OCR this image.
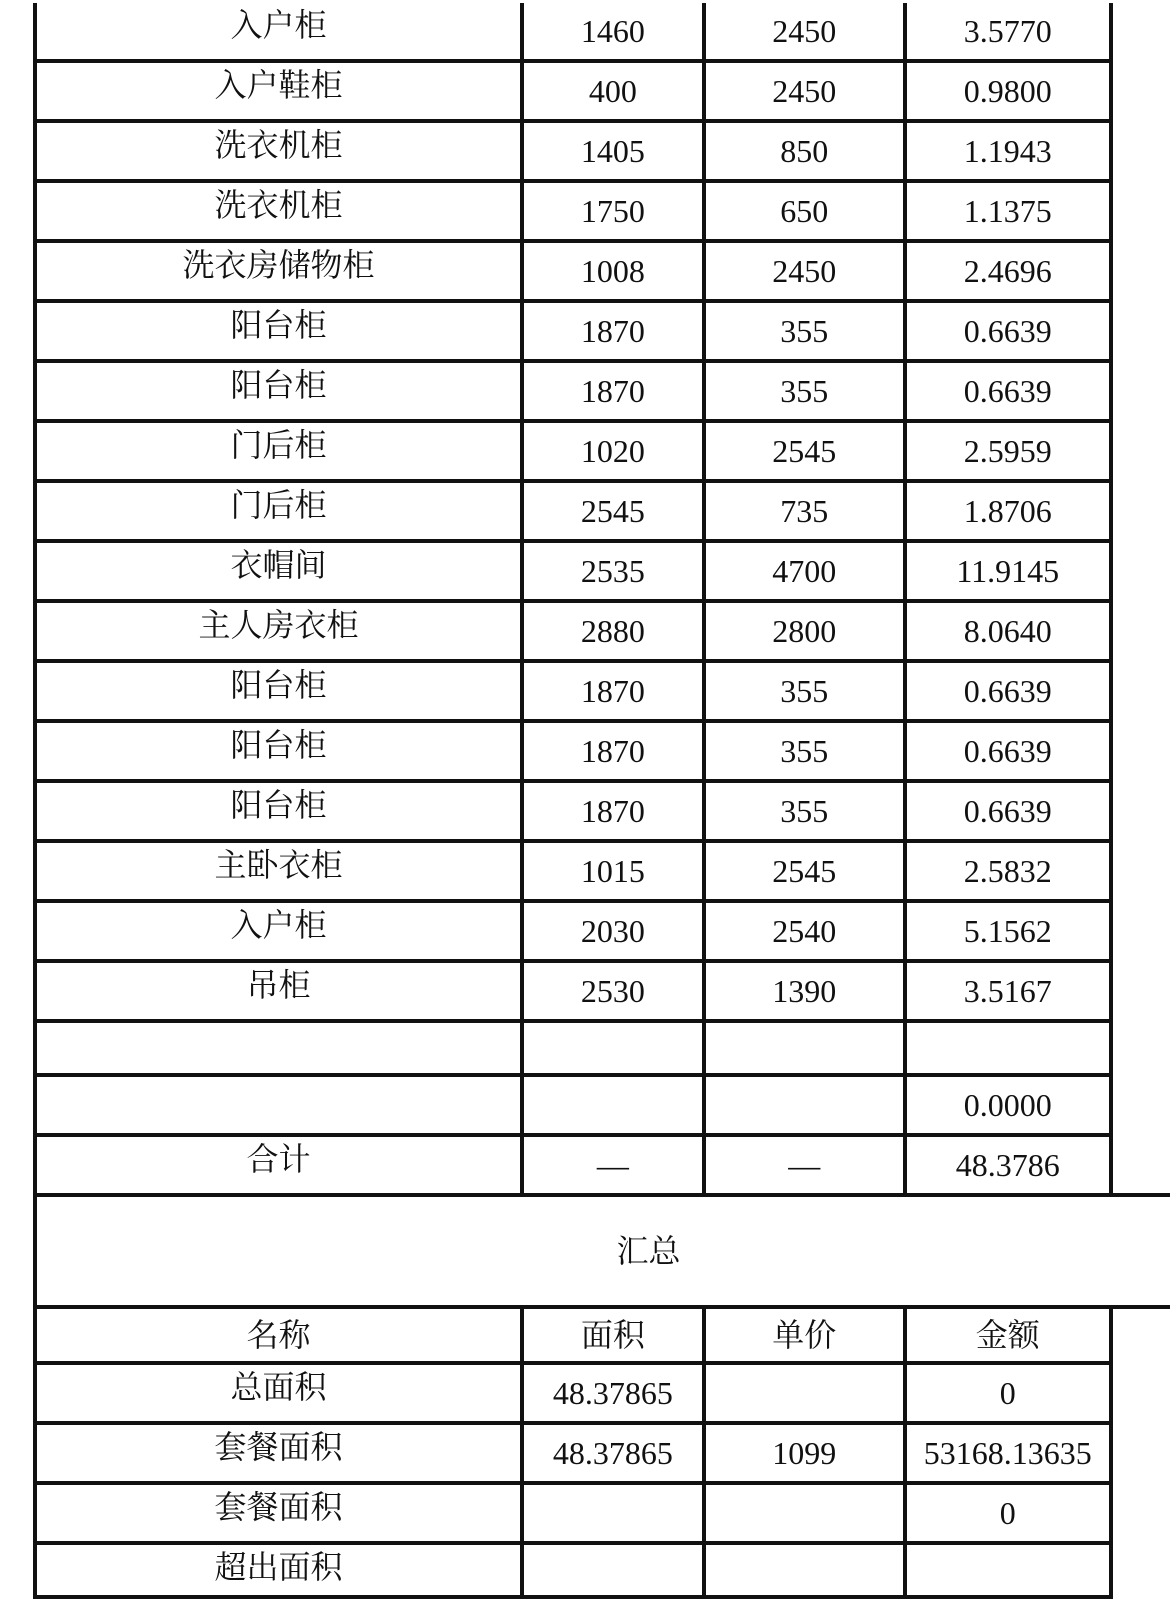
入户柜	1460	2450	3.5770	
入户鞋柜	400	2450	0.9800	
洗衣机柜	1405	850	1.1943	
洗衣机柜	1750	650	1.1375	
洗衣房储物柜	1008	2450	2.4696	
阳台柜	1870	355	0.6639	
阳台柜	1870	355	0.6639	
门后柜	1020	2545	2.5959	
门后柜	2545	735	1.8706	
衣帽间	2535	4700	11.9145	
主人房衣柜	2880	2800	8.0640	
阳台柜	1870	355	0.6639	
阳台柜	1870	355	0.6639	
阳台柜	1870	355	0.6639	
主卧衣柜	1015	2545	2.5832	
入户柜	2030	2540	5.1562	
吊柜	2530	1390	3.5167	

			0.0000	
合计	—	—	48.3786	
汇总				
名称	面积	单价	金额	
总面积	48.37865		0	
套餐面积	48.37865	1099	53168.13635	
套餐面积			0	
超出面积				
